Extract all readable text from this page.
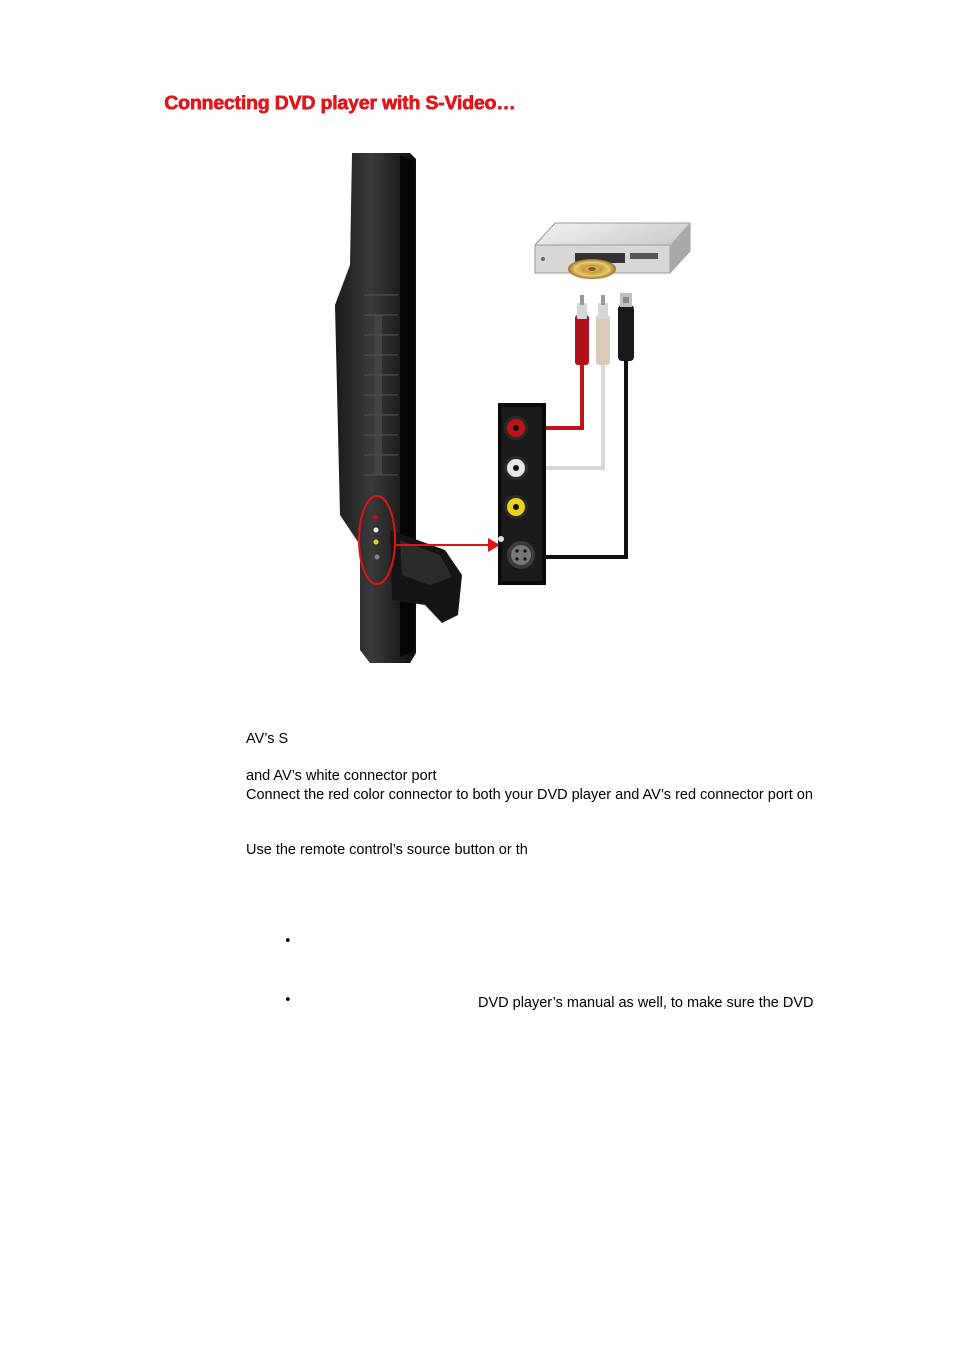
Connecting DVD player with S-Video…
AV’s S
and AV’s white connector port
Connect the red color connector to both your DVD player and AV’s red connector port on
Use the remote control’s source button or th
•
•	DVD player’s manual as well, to make sure the DVD
